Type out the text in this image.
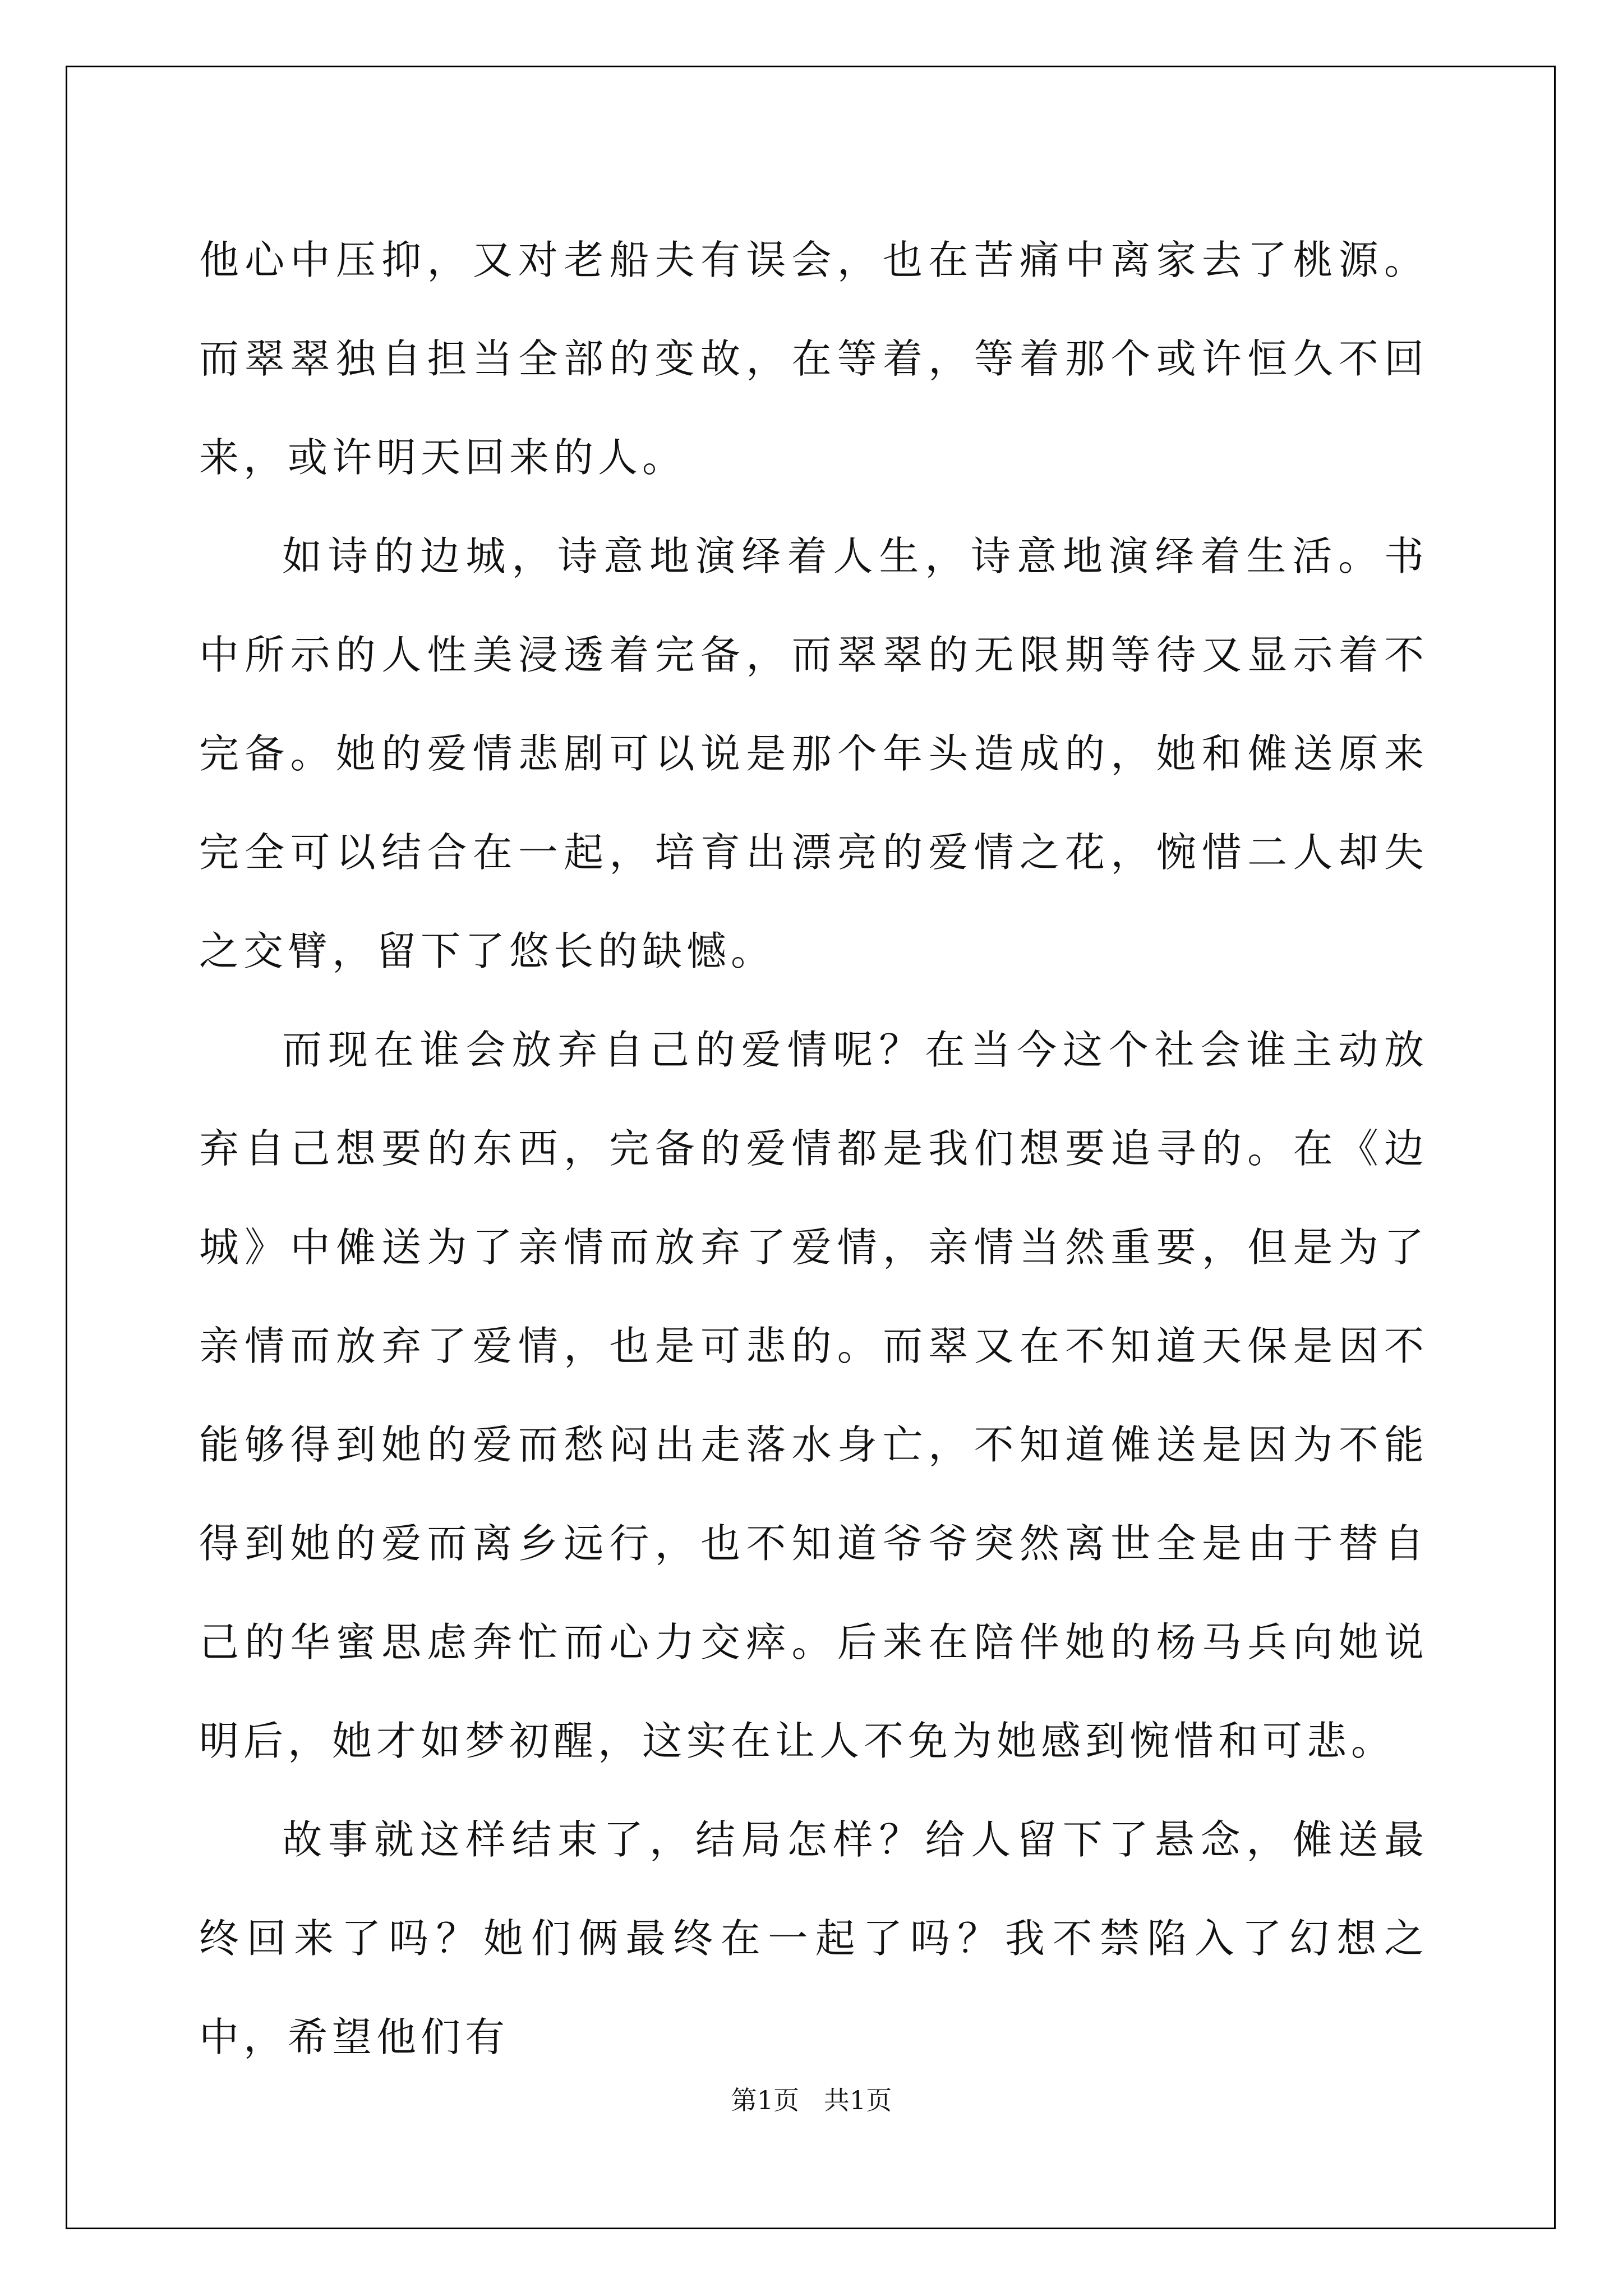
他心中压抑，又对老船夫有误会，也在苦痛中离家去了桃源。而翠翠独自担当全部的变故，在等着，等着那个或许恒久不回来，或许明天回来的人。

如诗的边城，诗意地演绎着人生，诗意地演绎着生活。书中所示的人性美浸透着完备，而翠翠的无限期等待又显示着不完备。她的爱情悲剧可以说是那个年头造成的，她和傩送原来完全可以结合在一起，培育出漂亮的爱情之花，惋惜二人却失之交臂，留下了悠长的缺憾。

而现在谁会放弃自己的爱情呢？在当今这个社会谁主动放弃自己想要的东西，完备的爱情都是我们想要追寻的。在《边城》中傩送为了亲情而放弃了爱情，亲情当然重要，但是为了亲情而放弃了爱情，也是可悲的。而翠又在不知道天保是因不能够得到她的爱而愁闷出走落水身亡，不知道傩送是因为不能得到她的爱而离乡远行，也不知道爷爷突然离世全是由于替自己的华蜜思虑奔忙而心力交瘁。后来在陪伴她的杨马兵向她说明后，她才如梦初醒，这实在让人不免为她感到惋惜和可悲。

故事就这样结束了，结局怎样？给人留下了悬念，傩送最终回来了吗？她们俩最终在一起了吗？我不禁陷入了幻想之中，希望他们有

第1页   共1页
